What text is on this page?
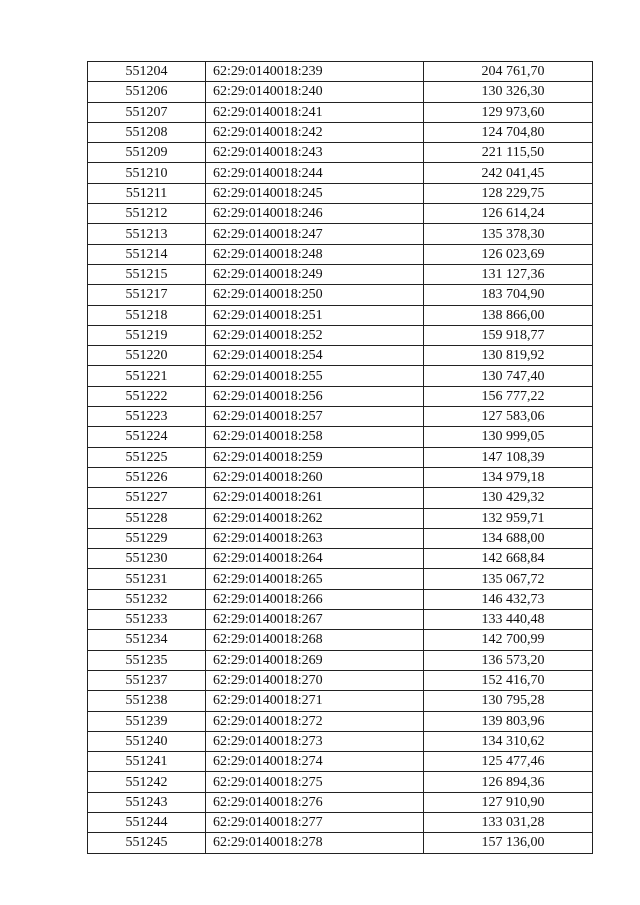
551204	62:29:0140018:239	204 761,70
551206	62:29:0140018:240	130 326,30
551207	62:29:0140018:241	129 973,60
551208	62:29:0140018:242	124 704,80
551209	62:29:0140018:243	221 115,50
551210	62:29:0140018:244	242 041,45
551211	62:29:0140018:245	128 229,75
551212	62:29:0140018:246	126 614,24
551213	62:29:0140018:247	135 378,30
551214	62:29:0140018:248	126 023,69
551215	62:29:0140018:249	131 127,36
551217	62:29:0140018:250	183 704,90
551218	62:29:0140018:251	138 866,00
551219	62:29:0140018:252	159 918,77
551220	62:29:0140018:254	130 819,92
551221	62:29:0140018:255	130 747,40
551222	62:29:0140018:256	156 777,22
551223	62:29:0140018:257	127 583,06
551224	62:29:0140018:258	130 999,05
551225	62:29:0140018:259	147 108,39
551226	62:29:0140018:260	134 979,18
551227	62:29:0140018:261	130 429,32
551228	62:29:0140018:262	132 959,71
551229	62:29:0140018:263	134 688,00
551230	62:29:0140018:264	142 668,84
551231	62:29:0140018:265	135 067,72
551232	62:29:0140018:266	146 432,73
551233	62:29:0140018:267	133 440,48
551234	62:29:0140018:268	142 700,99
551235	62:29:0140018:269	136 573,20
551237	62:29:0140018:270	152 416,70
551238	62:29:0140018:271	130 795,28
551239	62:29:0140018:272	139 803,96
551240	62:29:0140018:273	134 310,62
551241	62:29:0140018:274	125 477,46
551242	62:29:0140018:275	126 894,36
551243	62:29:0140018:276	127 910,90
551244	62:29:0140018:277	133 031,28
551245	62:29:0140018:278	157 136,00
